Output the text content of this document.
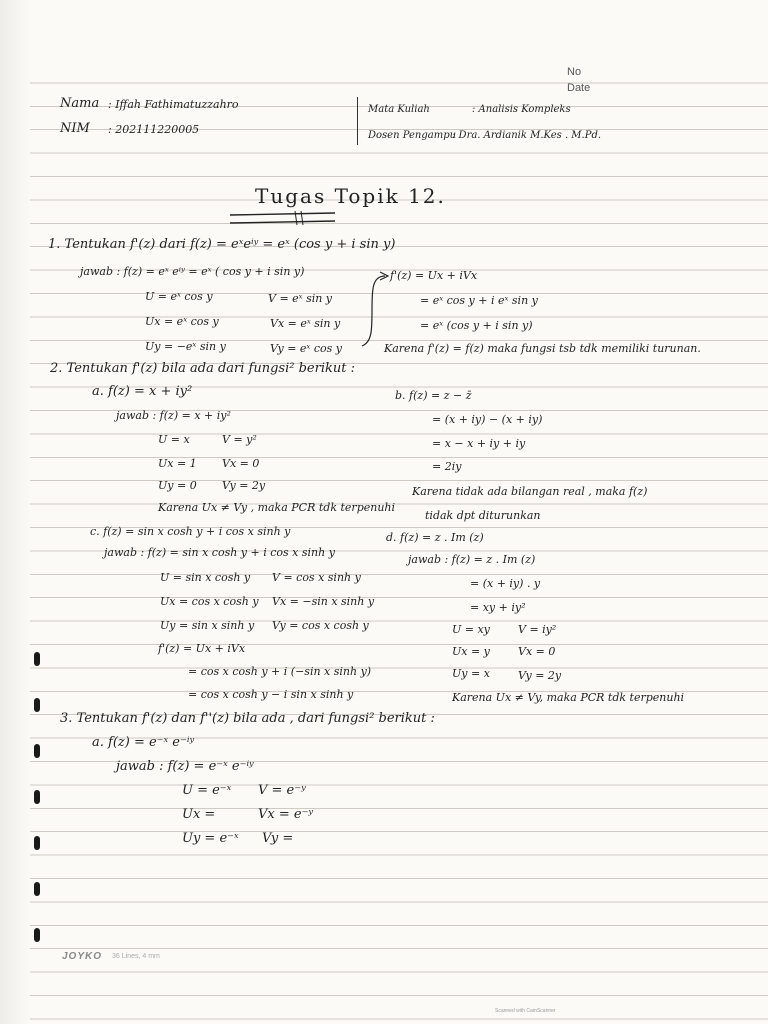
No
Date
Nama : Iffah Fathimatuzzahro
NIM : 202111220005
Mata Kuliah	: Analisis Kompleks
Dosen Pengampu
: Dra. Ardianik M.Kes . M.Pd.
Tugas Topik 12.
1. Tentukan f'(z) dari f(z) = eˣeⁱʸ = eˣ (cos y + i sin y)
jawab : f(z) = eˣ eⁱʸ = eˣ ( cos y + i sin y)
U = eˣ cos y	V = eˣ sin y
Ux = eˣ cos y	Vx = eˣ sin y
Uy = −eˣ sin y	Vy = eˣ cos y
f'(z) = Ux + iVx
= eˣ cos y + i eˣ sin y
= eˣ (cos y + i sin y)
Karena f'(z) = f(z) maka fungsi tsb tdk memiliki turunan.
2. Tentukan f'(z) bila ada dari fungsi² berikut :
a. f(z) = x + iy²
jawab : f(z) = x + iy²
U = x	V = y²
Ux = 1 Vx = 0
Uy = 0 Vy = 2y
Karena Ux ≠ Vy , maka PCR tdk terpenuhi
b. f(z) = z − z̄
= (x + iy) − (x + iy)
= x − x + iy + iy
= 2iy
Karena tidak ada bilangan real , maka f(z)
tidak dpt diturunkan
c. f(z) = sin x cosh y + i cos x sinh y
jawab : f(z) = sin x cosh y + i cos x sinh y
U = sin x cosh y V = cos x sinh y
Ux = cos x cosh y Vx = −sin x sinh y
Uy = sin x sinh y Vy = cos x cosh y
f'(z) = Ux + iVx
= cos x cosh y + i (−sin x sinh y)
= cos x cosh y − i sin x sinh y
d. f(z) = z . Im (z)
jawab : f(z) = z . Im (z)
= (x + iy) . y
= xy + iy²
U = xy	V = iy²
Ux = y	Vx = 0
Uy = x	Vy = 2y
Karena Ux ≠ Vy, maka PCR tdk terpenuhi
3. Tentukan f'(z) dan f''(z) bila ada , dari fungsi² berikut :
a. f(z) = e⁻ˣ e⁻ⁱʸ
jawab : f(z) = e⁻ˣ e⁻ⁱʸ
U = e⁻ˣ V = e⁻ʸ
Ux =	Vx = e⁻ʸ
Uy = e⁻ˣ Vy =
JOYKO 36 Lines, 4 mm
Scanned with CamScanner
